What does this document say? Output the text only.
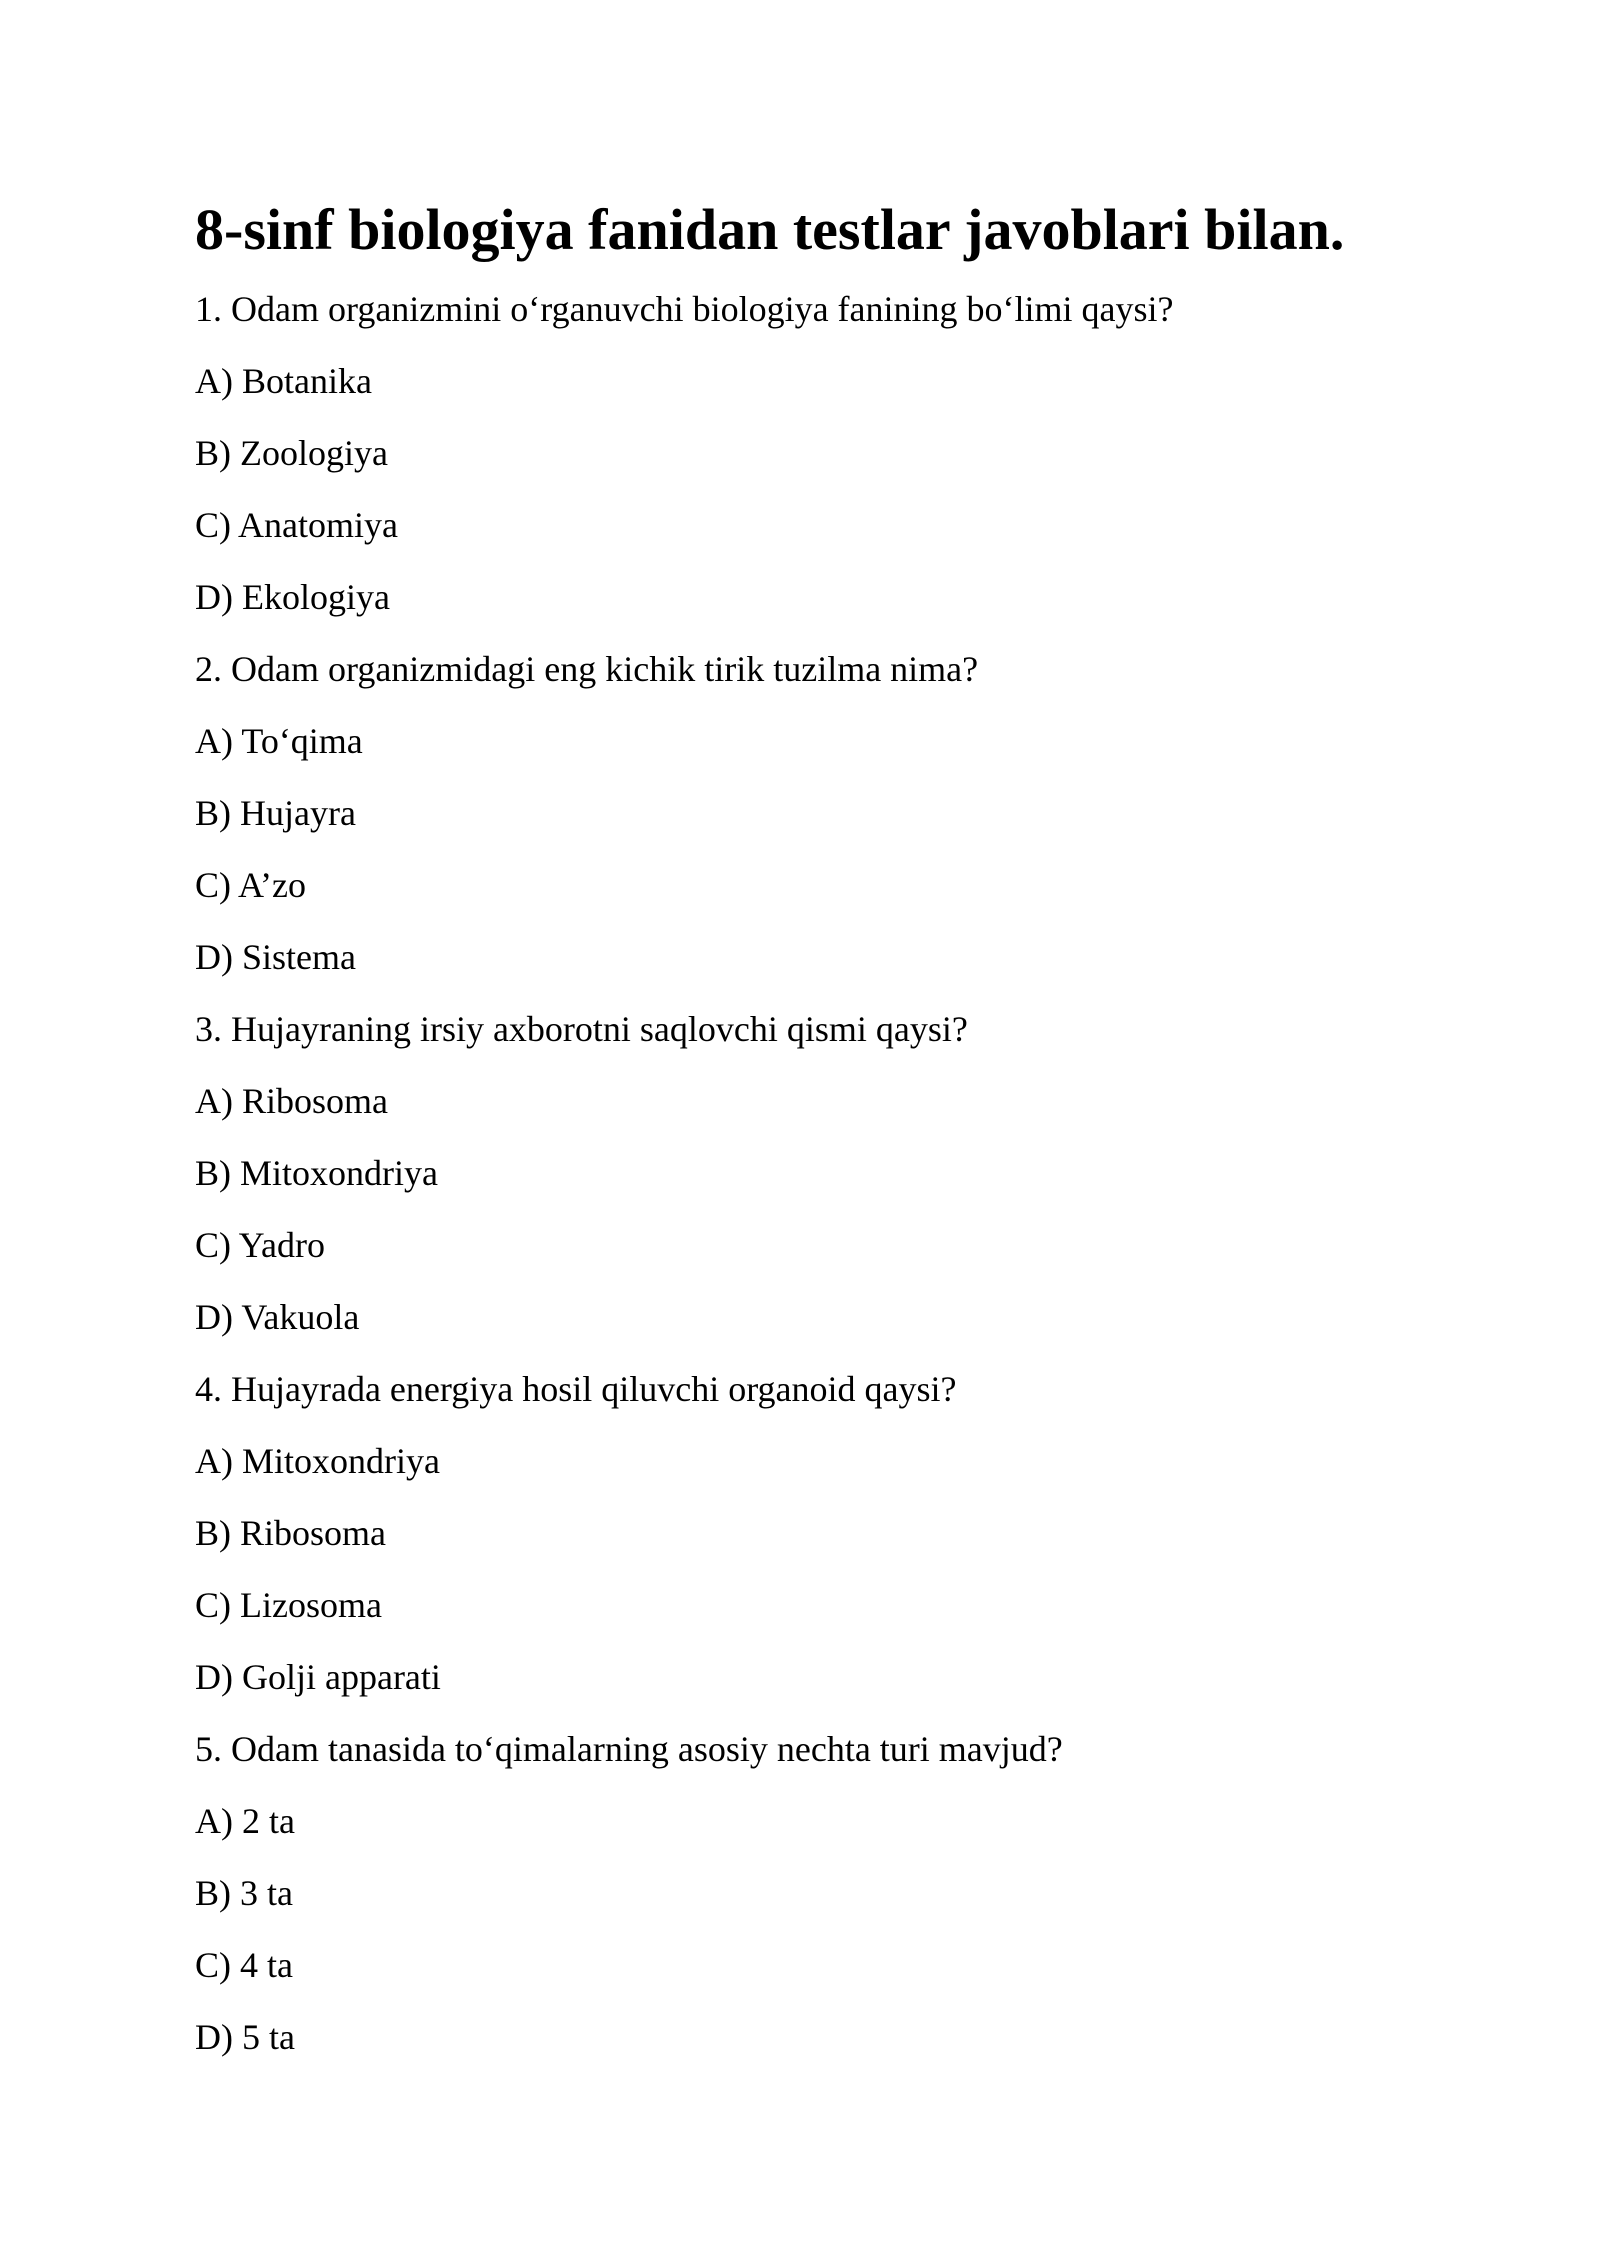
8-sinf biologiya fanidan testlar javoblari bilan.
1. Odam organizmini o‘rganuvchi biologiya fanining bo‘limi qaysi?
A) Botanika
B) Zoologiya
C) Anatomiya
D) Ekologiya
2. Odam organizmidagi eng kichik tirik tuzilma nima?
A) To‘qima
B) Hujayra
C) A’zo
D) Sistema
3. Hujayraning irsiy axborotni saqlovchi qismi qaysi?
A) Ribosoma
B) Mitoxondriya
C) Yadro
D) Vakuola
4. Hujayrada energiya hosil qiluvchi organoid qaysi?
A) Mitoxondriya
B) Ribosoma
C) Lizosoma
D) Golji apparati
5. Odam tanasida to‘qimalarning asosiy nechta turi mavjud?
A) 2 ta
B) 3 ta
C) 4 ta
D) 5 ta
